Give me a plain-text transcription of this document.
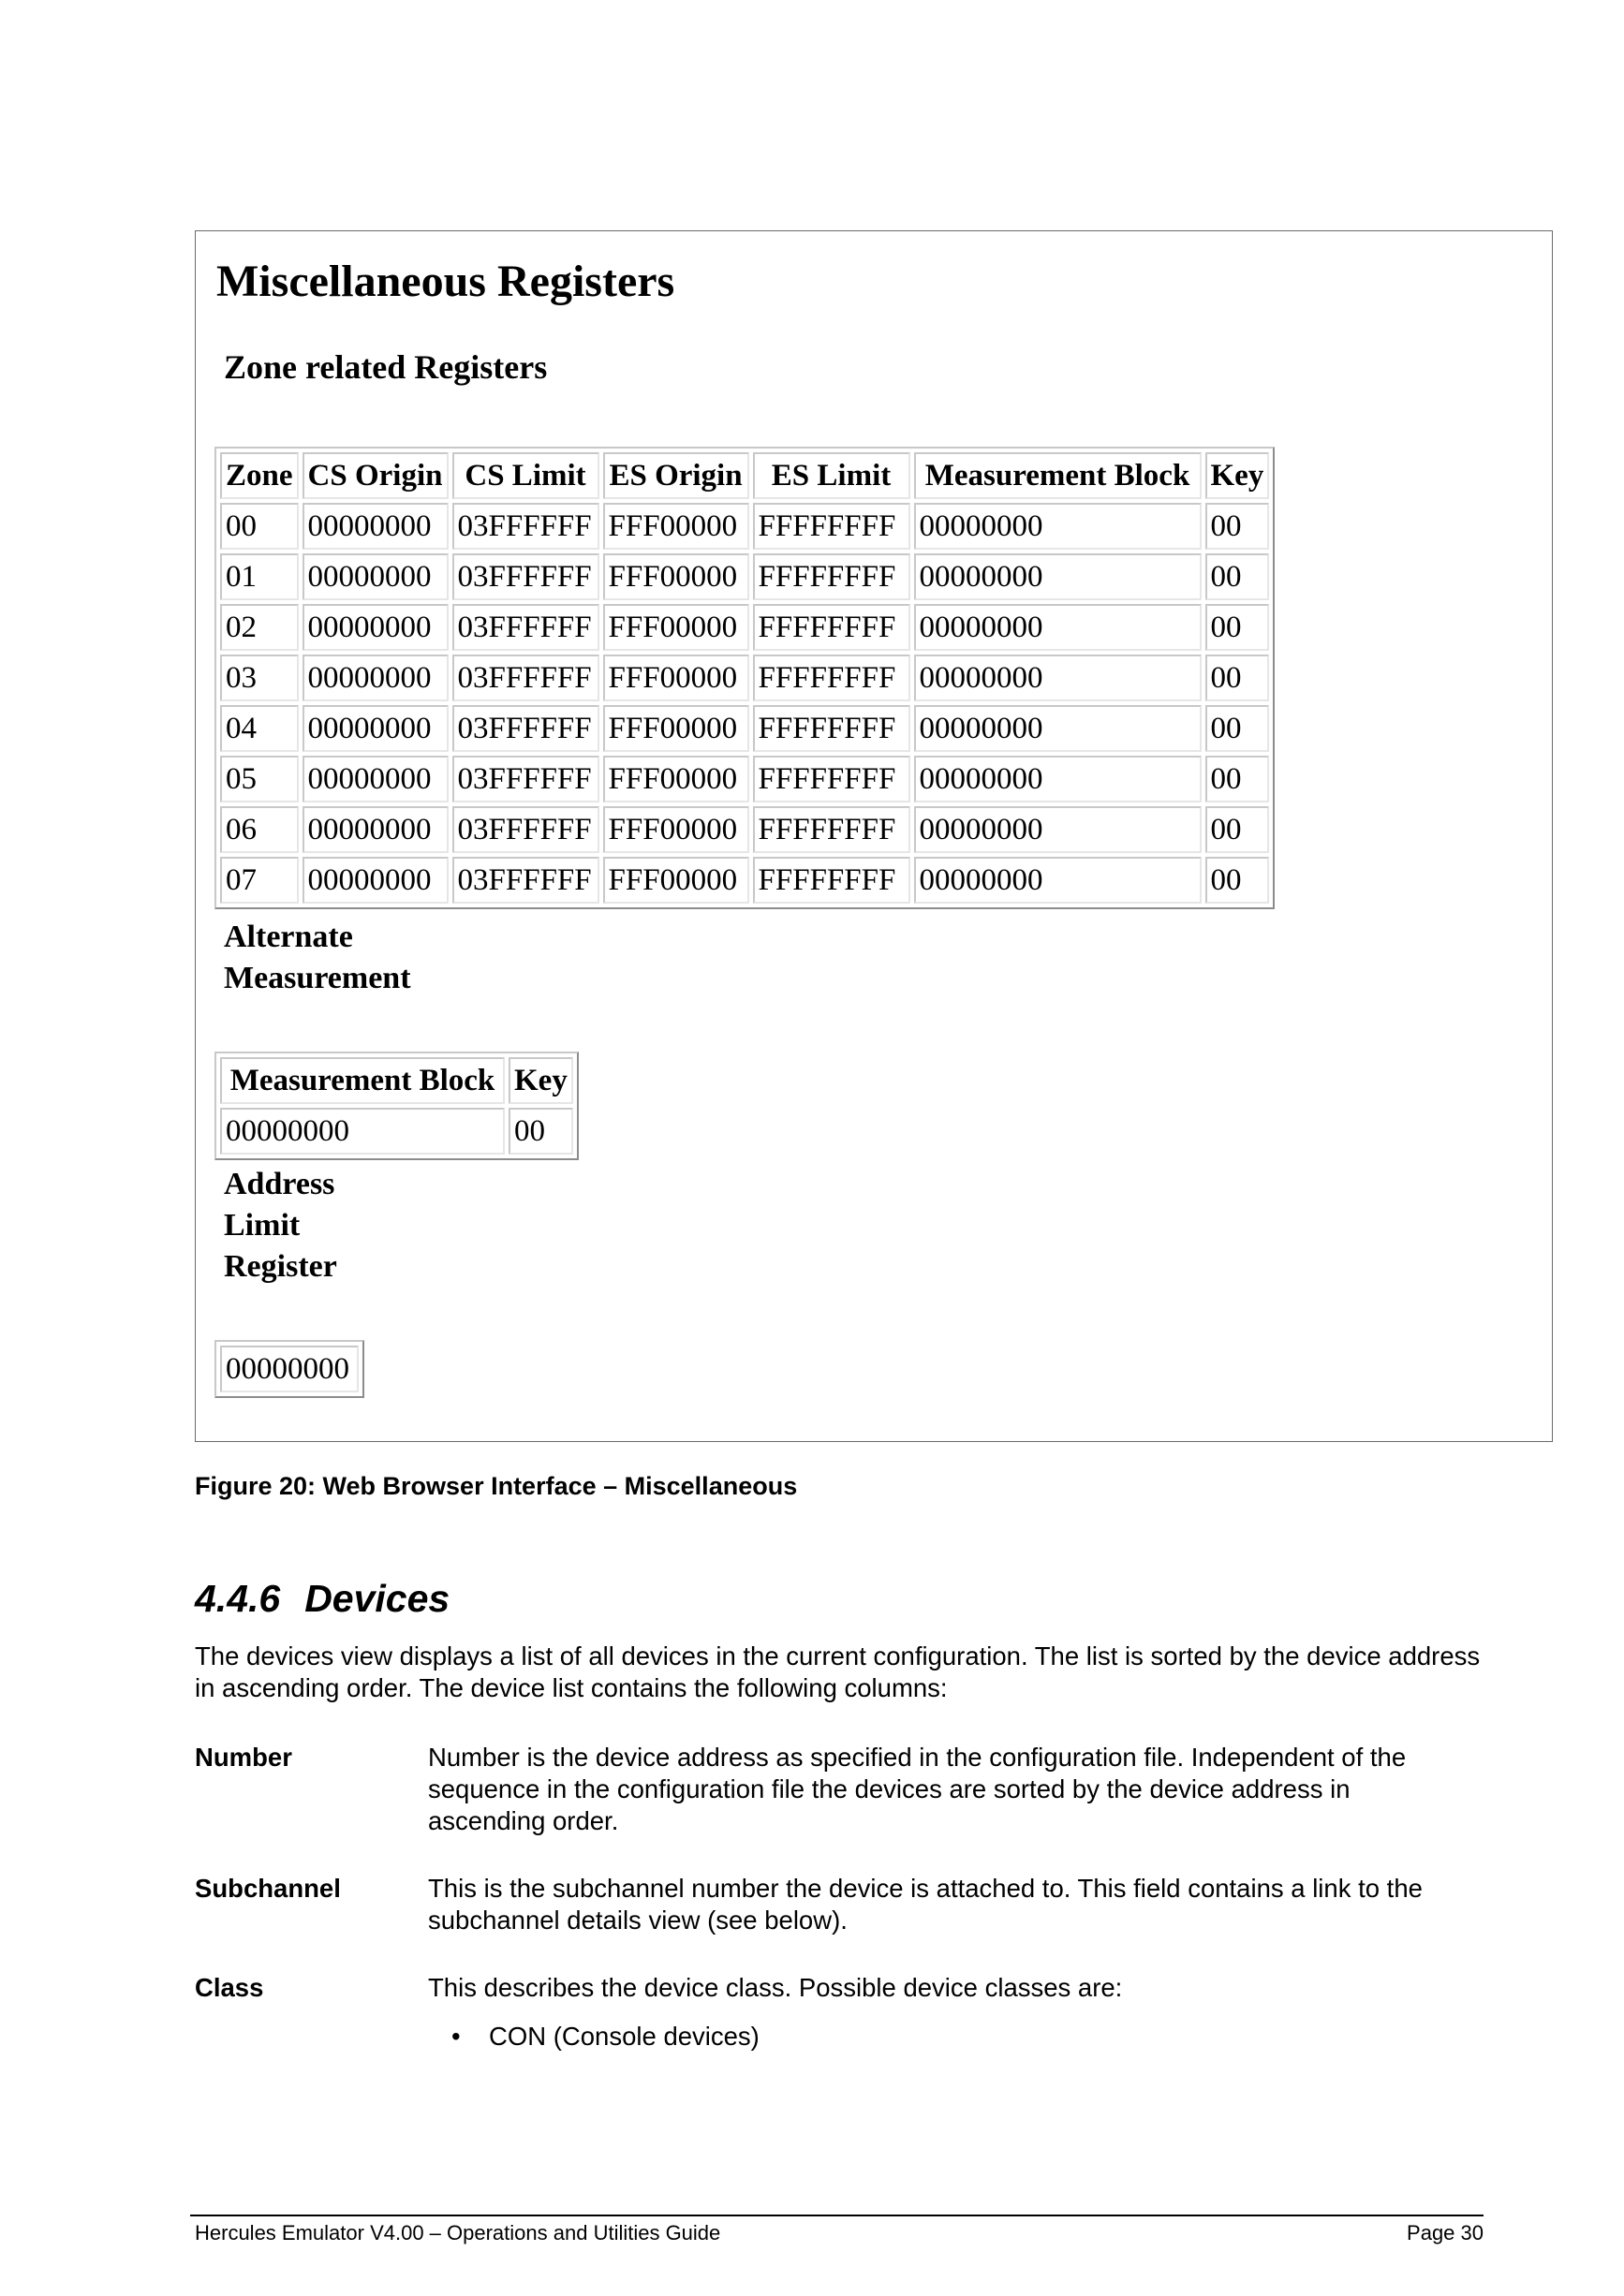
Miscellaneous Registers
Zone related Registers
Zone	CS Origin	CS Limit	ES Origin	ES Limit	Measurement Block	Key
00	00000000	03FFFFFF	FFF00000	FFFFFFFF	00000000	00
01	00000000	03FFFFFF	FFF00000	FFFFFFFF	00000000	00
02	00000000	03FFFFFF	FFF00000	FFFFFFFF	00000000	00
03	00000000	03FFFFFF	FFF00000	FFFFFFFF	00000000	00
04	00000000	03FFFFFF	FFF00000	FFFFFFFF	00000000	00
05	00000000	03FFFFFF	FFF00000	FFFFFFFF	00000000	00
06	00000000	03FFFFFF	FFF00000	FFFFFFFF	00000000	00
07	00000000	03FFFFFF	FFF00000	FFFFFFFF	00000000	00
Alternate
Measurement
Measurement Block	Key
00000000	00
Address
Limit
Register
00000000

Figure 20: Web Browser Interface – Miscellaneous

4.4.6 Devices

The devices view displays a list of all devices in the current configuration. The list is sorted by the device address in ascending order. The device list contains the following columns:

Number	Number is the device address as specified in the configuration file. Independent of the sequence in the configuration file the devices are sorted by the device address in ascending order.

Subchannel	This is the subchannel number the device is attached to. This field contains a link to the subchannel details view (see below).

Class	This describes the device class. Possible device classes are:

• CON (Console devices)

Hercules Emulator V4.00 – Operations and Utilities Guide	Page 30
